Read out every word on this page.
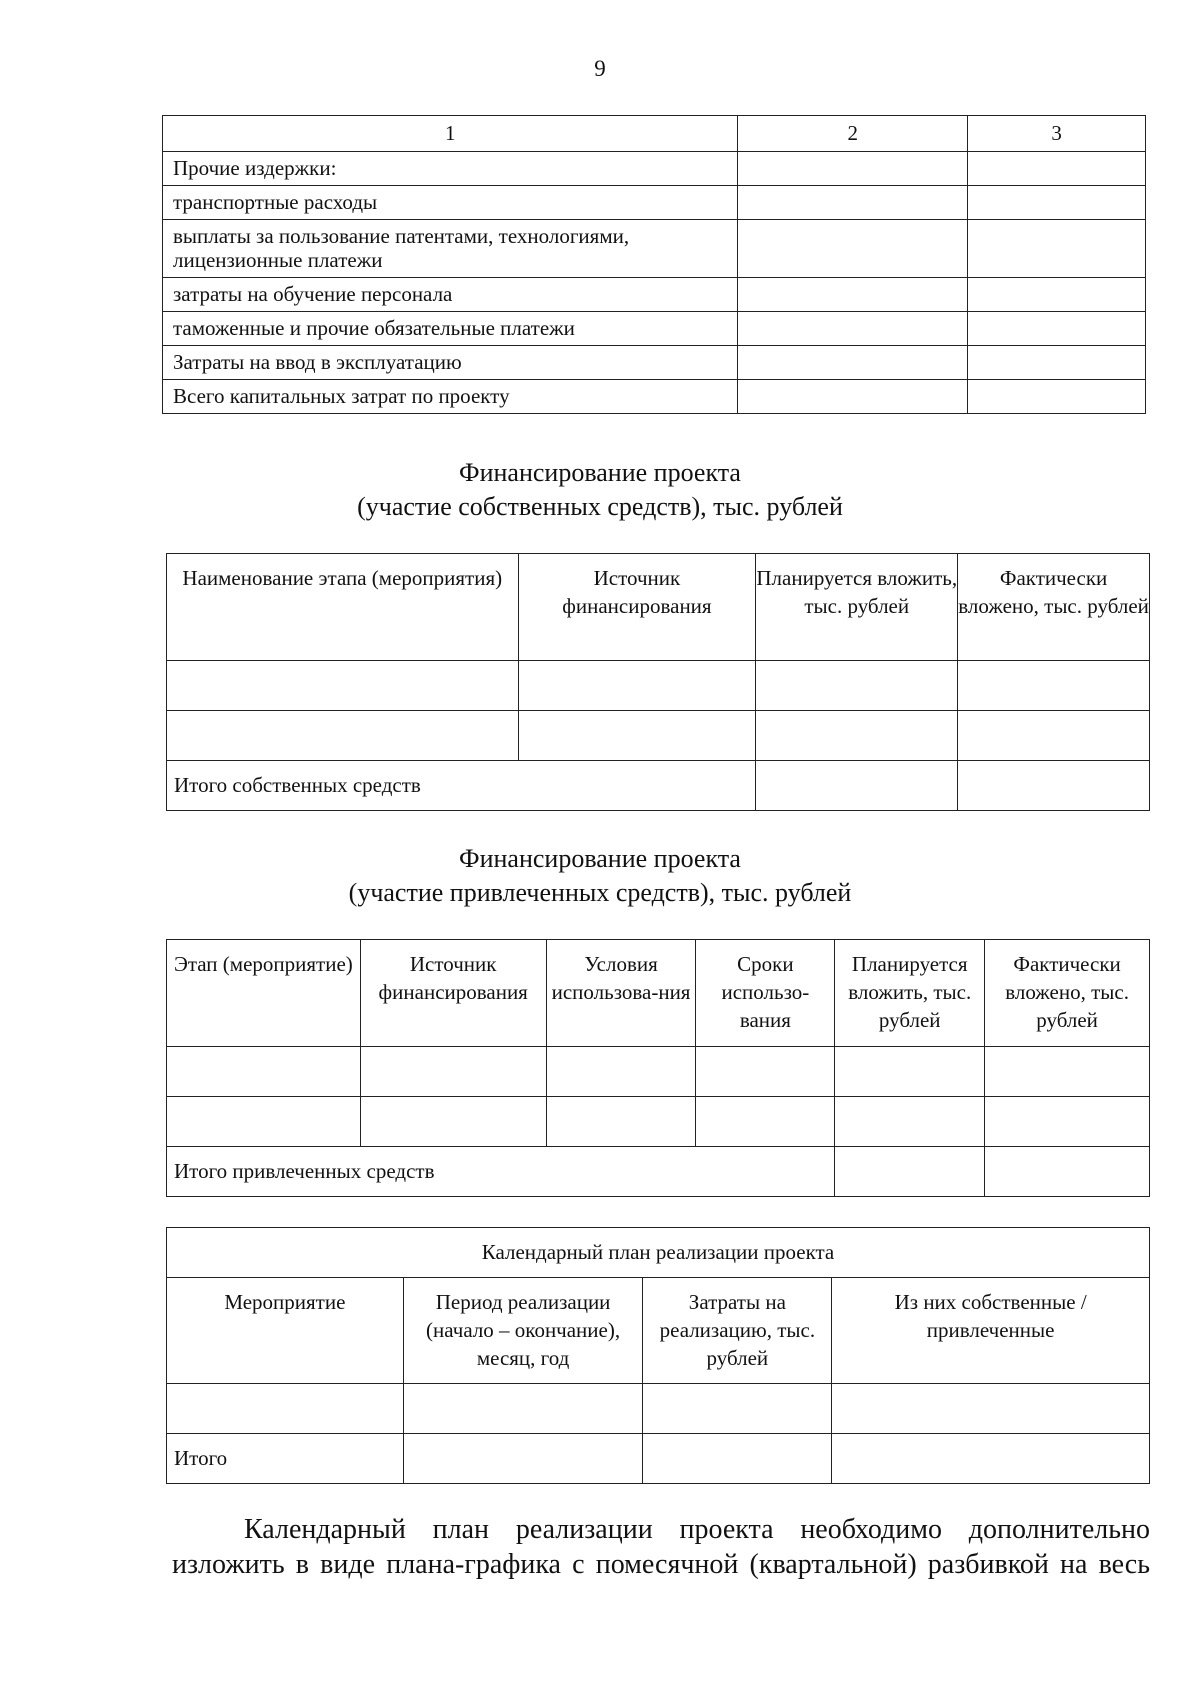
9
1	2	3
Прочие издержки:		
транспортные расходы		
выплаты за пользование патентами, технологиями, лицензионные платежи		
затраты на обучение персонала		
таможенные и прочие обязательные платежи		
Затраты на ввод в эксплуатацию		
Всего капитальных затрат по проекту		
Финансирование проекта
(участие собственных средств), тыс. рублей
Наименование этапа (мероприятия)	Источник финансирования	Планируется вложить, тыс. рублей	Фактически вложено, тыс. рублей

Итого собственных средств			
Финансирование проекта
(участие привлеченных средств), тыс. рублей
Этап (мероприятие)	Источник финансирования	Условия использова-ния	Сроки использо-вания	Планируется вложить, тыс. рублей	Фактически вложено, тыс. рублей

Итого привлеченных средств					
Календарный план реализации проекта			
Мероприятие	Период реализации (начало – окончание), месяц, год	Затраты на реализацию, тыс. рублей	Из них собственные / привлеченные

Итого			
Календарный план реализации проекта необходимо дополнительно
изложить в виде плана-графика с помесячной (квартальной) разбивкой на весь
